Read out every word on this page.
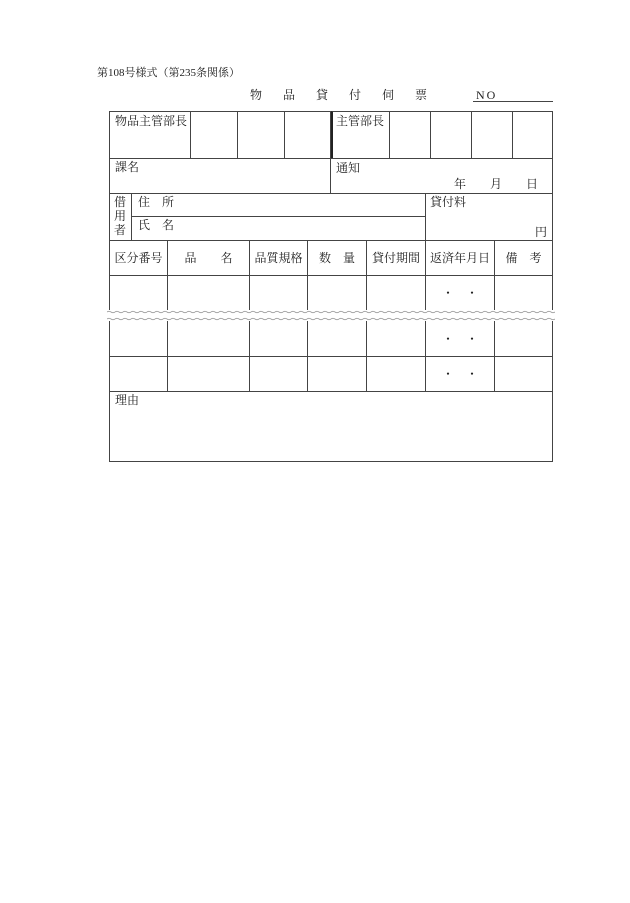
第108号様式（第235条関係）
物品貸付伺票 NO
物品主管部長	主管部長
課名	通知
年　　月　　日
借用者
住　所
氏　名
貸付料
円
区分番号 品　　名 品質規格 数　量 貸付期間 返済年月日 備　考
・　・
・　・
・　・
理由
